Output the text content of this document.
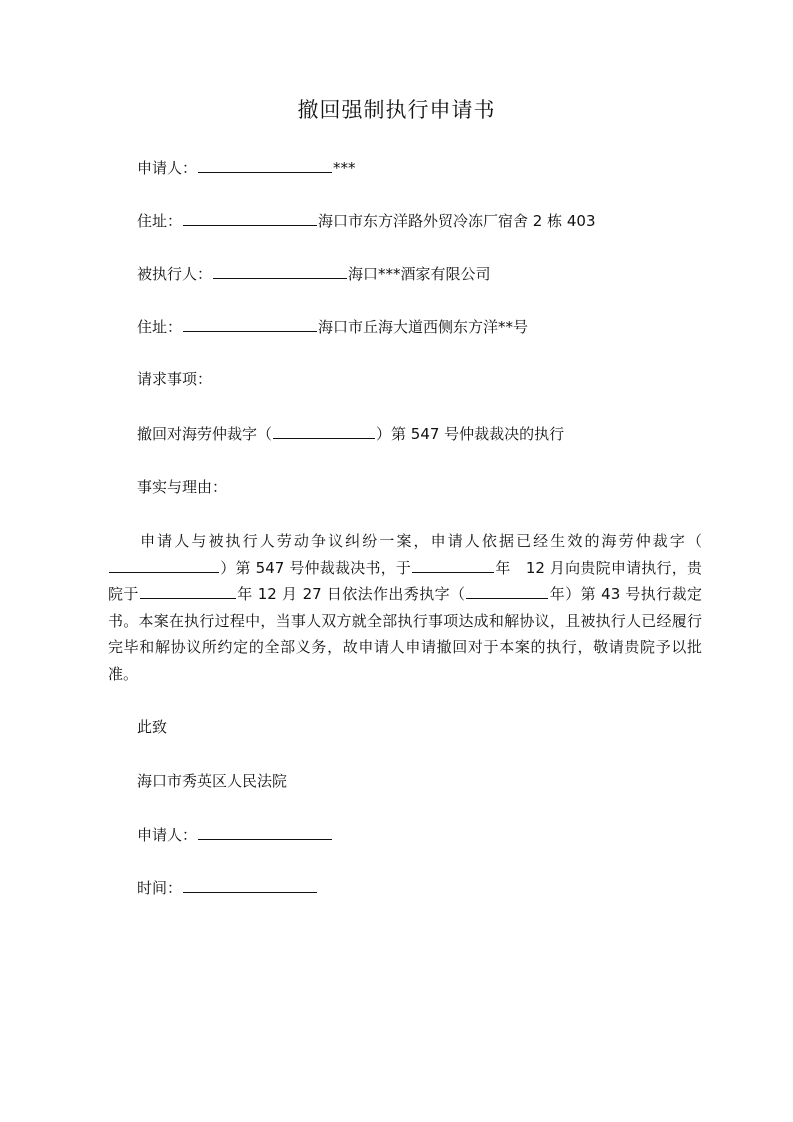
撤回强制执行申请书
申请人：	***
住址：	海口市东方洋路外贸冷冻厂宿舍 2 栋 403
被执行人：	海口***酒家有限公司
住址：	海口市丘海大道西侧东方洋**号
请求事项：
撤回对海劳仲裁字（	）第 547 号仲裁裁决的执行
事实与理由：
申请人与被执行人劳动争议纠纷一案，申请人依据已经生效的海劳仲裁字（）第 547 号仲裁裁决书，于	年　12 月向贵院申请执行，贵院于	年 12 月 27 日依法作出秀执字（	年）第 43 号执行裁定书。本案在执行过程中，当事人双方就全部执行事项达成和解协议，且被执行人已经履行完毕和解协议所约定的全部义务，故申请人申请撤回对于本案的执行，敬请贵院予以批准。
此致
海口市秀英区人民法院
申请人：
时间：
